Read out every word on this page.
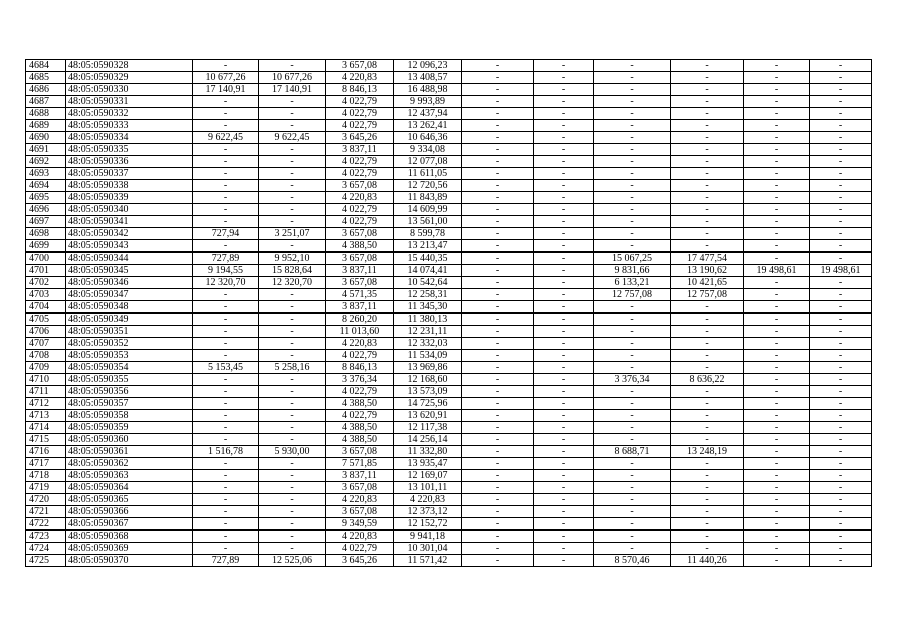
4684	48:05:0590328	-	-	3 657,08	12 096,23	-	-	-	-	-	-
4685	48:05:0590329	10 677,26	10 677,26	4 220,83	13 408,57	-	-	-	-	-	-
4686	48:05:0590330	17 140,91	17 140,91	8 846,13	16 488,98	-	-	-	-	-	-
4687	48:05:0590331	-	-	4 022,79	9 993,89	-	-	-	-	-	-
4688	48:05:0590332	-	-	4 022,79	12 437,94	-	-	-	-	-	-
4689	48:05:0590333	-	-	4 022,79	13 262,41	-	-	-	-	-	-
4690	48:05:0590334	9 622,45	9 622,45	3 645,26	10 646,36	-	-	-	-	-	-
4691	48:05:0590335	-	-	3 837,11	9 334,08	-	-	-	-	-	-
4692	48:05:0590336	-	-	4 022,79	12 077,08	-	-	-	-	-	-
4693	48:05:0590337	-	-	4 022,79	11 611,05	-	-	-	-	-	-
4694	48:05:0590338	-	-	3 657,08	12 720,56	-	-	-	-	-	-
4695	48:05:0590339	-	-	4 220,83	11 843,89	-	-	-	-	-	-
4696	48:05:0590340	-	-	4 022,79	14 609,99	-	-	-	-	-	-
4697	48:05:0590341	-	-	4 022,79	13 561,00	-	-	-	-	-	-
4698	48:05:0590342	727,94	3 251,07	3 657,08	8 599,78	-	-	-	-	-	-
4699	48:05:0590343	-	-	4 388,50	13 213,47	-	-	-	-	-	-
4700	48:05:0590344	727,89	9 952,10	3 657,08	15 440,35	-	-	15 067,25	17 477,54	-	-
4701	48:05:0590345	9 194,55	15 828,64	3 837,11	14 074,41	-	-	9 831,66	13 190,62	19 498,61	19 498,61
4702	48:05:0590346	12 320,70	12 320,70	3 657,08	10 542,64	-	-	6 133,21	10 421,65	-	-
4703	48:05:0590347	-	-	4 571,35	12 258,31	-	-	12 757,08	12 757,08	-	-
4704	48:05:0590348	-	-	3 837,11	11 345,30	-	-	-	-	-	-
4705	48:05:0590349	-	-	8 260,20	11 380,13	-	-	-	-	-	-
4706	48:05:0590351	-	-	11 013,60	12 231,11	-	-	-	-	-	-
4707	48:05:0590352	-	-	4 220,83	12 332,03	-	-	-	-	-	-
4708	48:05:0590353	-	-	4 022,79	11 534,09	-	-	-	-	-	-
4709	48:05:0590354	5 153,45	5 258,16	8 846,13	13 969,86	-	-	-	-	-	-
4710	48:05:0590355	-	-	3 376,34	12 168,60	-	-	3 376,34	8 636,22	-	-
4711	48:05:0590356	-	-	4 022,79	13 573,09	-	-	-	-	-	-
4712	48:05:0590357	-	-	4 388,50	14 725,96	-	-	-	-	-	-
4713	48:05:0590358	-	-	4 022,79	13 620,91	-	-	-	-	-	-
4714	48:05:0590359	-	-	4 388,50	12 117,38	-	-	-	-	-	-
4715	48:05:0590360	-	-	4 388,50	14 256,14	-	-	-	-	-	-
4716	48:05:0590361	1 516,78	5 930,00	3 657,08	11 332,80	-	-	8 688,71	13 248,19	-	-
4717	48:05:0590362	-	-	7 571,85	13 935,47	-	-	-	-	-	-
4718	48:05:0590363	-	-	3 837,11	12 169,07	-	-	-	-	-	-
4719	48:05:0590364	-	-	3 657,08	13 101,11	-	-	-	-	-	-
4720	48:05:0590365	-	-	4 220,83	4 220,83	-	-	-	-	-	-
4721	48:05:0590366	-	-	3 657,08	12 373,12	-	-	-	-	-	-
4722	48:05:0590367	-	-	9 349,59	12 152,72	-	-	-	-	-	-
4723	48:05:0590368	-	-	4 220,83	9 941,18	-	-	-	-	-	-
4724	48:05:0590369	-	-	4 022,79	10 301,04	-	-	-	-	-	-
4725	48:05:0590370	727,89	12 525,06	3 645,26	11 571,42	-	-	8 570,46	11 440,26	-	-
